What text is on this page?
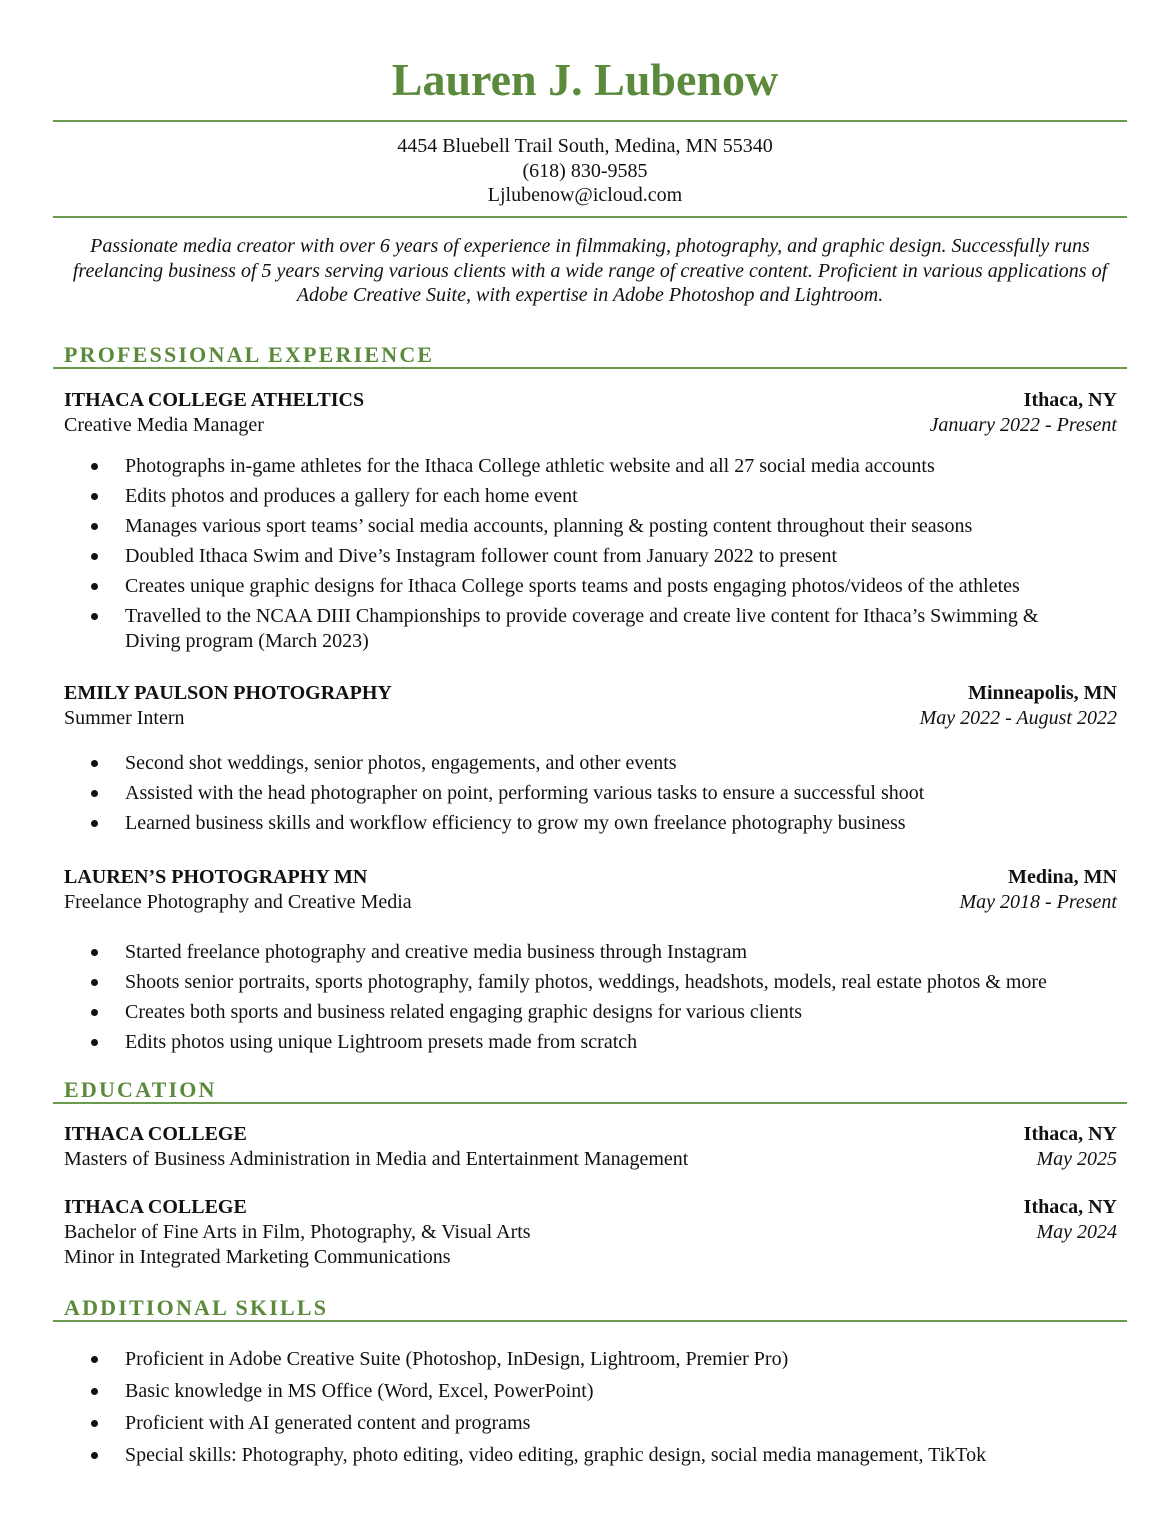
Lauren J. Lubenow
4454 Bluebell Trail South, Medina, MN 55340
(618) 830-9585
Ljlubenow@icloud.com
Passionate media creator with over 6 years of experience in filmmaking, photography, and graphic design. Successfully runs freelancing business of 5 years serving various clients with a wide range of creative content. Proficient in various applications of Adobe Creative Suite, with expertise in Adobe Photoshop and Lightroom.
PROFESSIONAL EXPERIENCE
ITHACA COLLEGE ATHELTICS	Ithaca, NY
Creative Media Manager	January 2022 - Present
Photographs in-game athletes for the Ithaca College athletic website and all 27 social media accounts
Edits photos and produces a gallery for each home event
Manages various sport teams’ social media accounts, planning & posting content throughout their seasons
Doubled Ithaca Swim and Dive’s Instagram follower count from January 2022 to present
Creates unique graphic designs for Ithaca College sports teams and posts engaging photos/videos of the athletes
Travelled to the NCAA DIII Championships to provide coverage and create live content for Ithaca’s Swimming & Diving program (March 2023)
EMILY PAULSON PHOTOGRAPHY	Minneapolis, MN
Summer Intern	May 2022 - August 2022
Second shot weddings, senior photos, engagements, and other events
Assisted with the head photographer on point, performing various tasks to ensure a successful shoot
Learned business skills and workflow efficiency to grow my own freelance photography business
LAUREN’S PHOTOGRAPHY MN	Medina, MN
Freelance Photography and Creative Media	May 2018 - Present
Started freelance photography and creative media business through Instagram
Shoots senior portraits, sports photography, family photos, weddings, headshots, models, real estate photos & more
Creates both sports and business related engaging graphic designs for various clients
Edits photos using unique Lightroom presets made from scratch
EDUCATION
ITHACA COLLEGE	Ithaca, NY
Masters of Business Administration in Media and Entertainment Management	May 2025
ITHACA COLLEGE	Ithaca, NY
Bachelor of Fine Arts in Film, Photography, & Visual Arts	May 2024
Minor in Integrated Marketing Communications
ADDITIONAL SKILLS
Proficient in Adobe Creative Suite (Photoshop, InDesign, Lightroom, Premier Pro)
Basic knowledge in MS Office (Word, Excel, PowerPoint)
Proficient with AI generated content and programs
Special skills: Photography, photo editing, video editing, graphic design, social media management, TikTok
